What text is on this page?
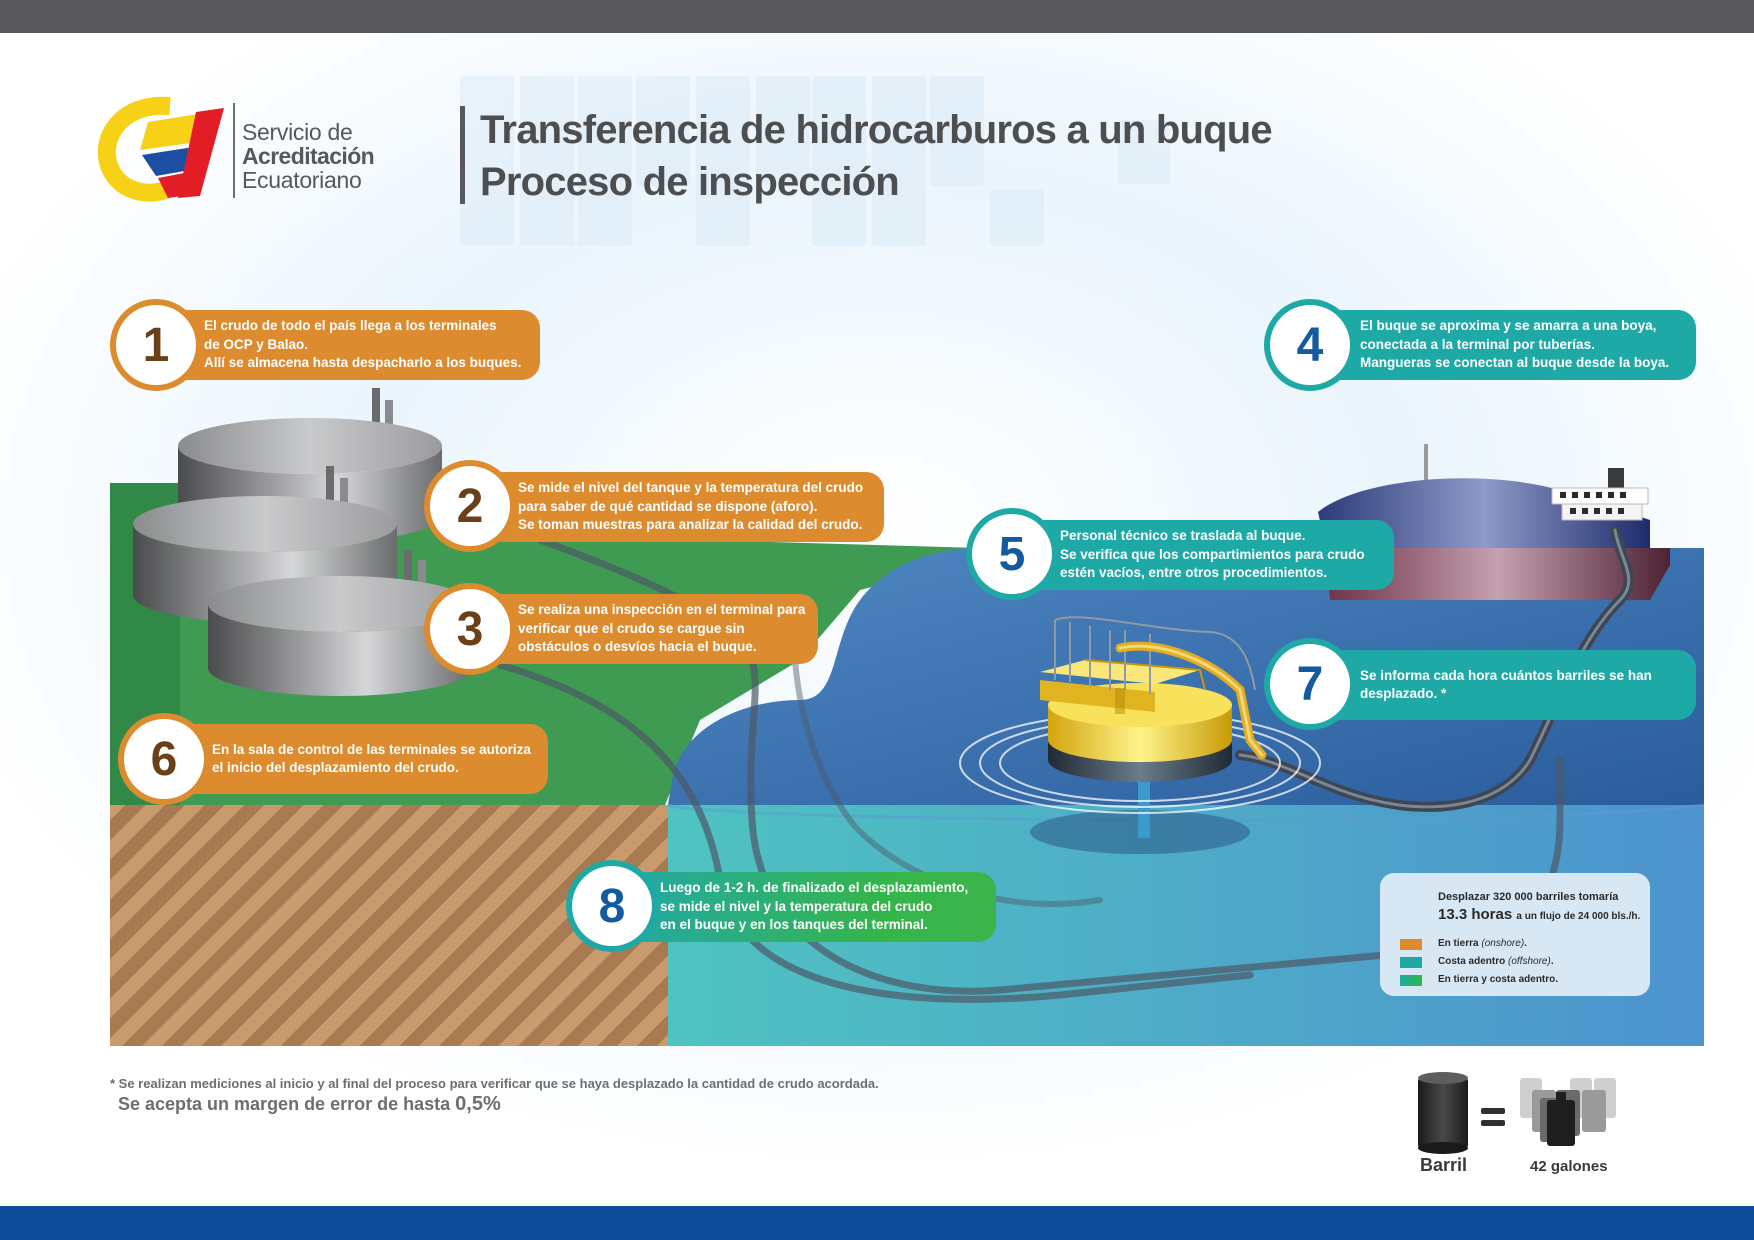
Servicio de
Acreditación
Ecuatoriano
Transferencia de hidrocarburos a un buque
Proceso de inspección
El crudo de todo el país llega a los terminales
de OCP y Balao.
Allí se almacena hasta despacharlo a los buques.
1
Se mide el nivel del tanque y la temperatura del crudo
para saber de qué cantidad se dispone (aforo).
Se toman muestras para analizar la calidad del crudo.
2
Se realiza una inspección en el terminal para
verificar que el crudo se cargue sin
obstáculos o desvíos hacia el buque.
3
El buque se aproxima y se amarra a una boya,
conectada a la terminal por tuberías.
Mangueras se conectan al buque desde la boya.
4
Personal técnico se traslada al buque.
Se verifica que los compartimientos para crudo
estén vacíos, entre otros procedimientos.
5
En la sala de control de las terminales se autoriza
el inicio del desplazamiento del crudo.
6
Se informa cada hora cuántos barriles se han
desplazado. *
7
Luego de 1-2 h. de finalizado el desplazamiento,
se mide el nivel y la temperatura del crudo
en el buque y en los tanques del terminal.
8	Desplazar 320 000 barriles tomaría
13.3 horas a un flujo de 24 000 bls./h.
En tierra (onshore).
Costa adentro (offshore).
En tierra y costa adentro.
* Se realizan mediciones al inicio y al final del proceso para verificar que se haya desplazado la cantidad de crudo acordada.
Se acepta un margen de error de hasta 0,5%
Barril	42 galones
